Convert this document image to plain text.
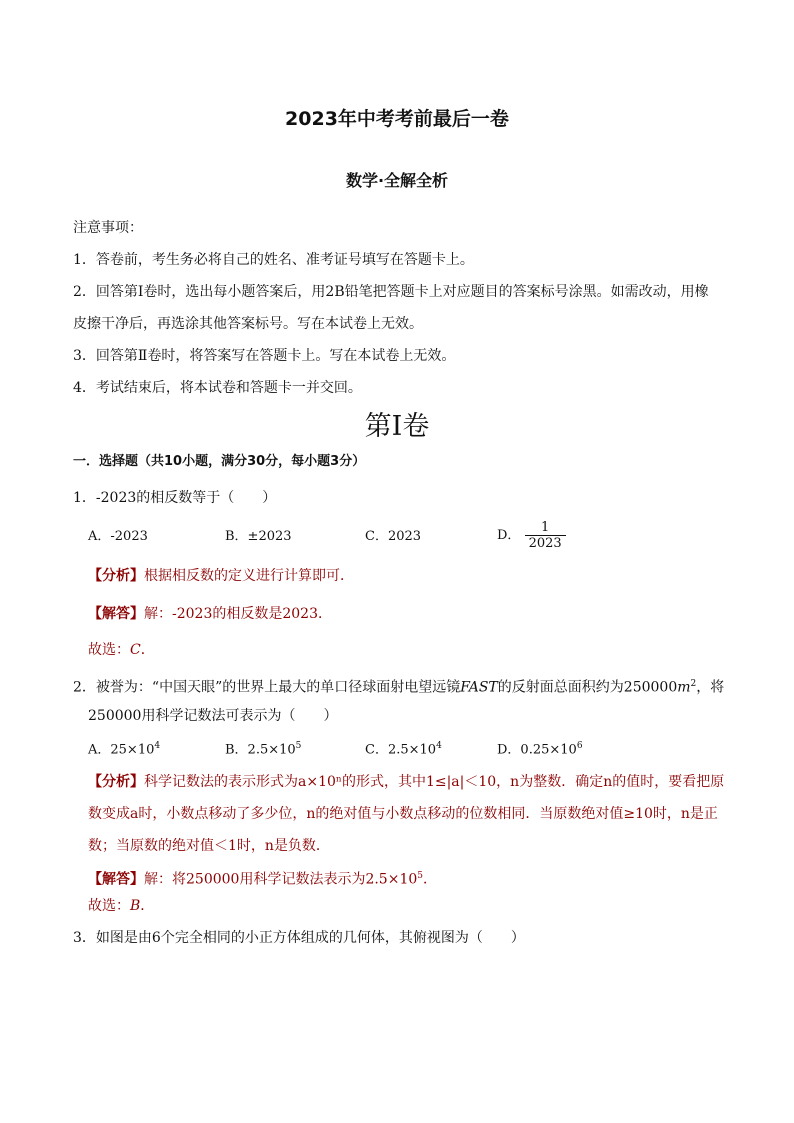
2023年中考考前最后一卷
数学·全解全析
注意事项：
1．答卷前，考生务必将自己的姓名、准考证号填写在答题卡上。
2．回答第Ⅰ卷时，选出每小题答案后，用2B铅笔把答题卡上对应题目的答案标号涂黑。如需改动，用橡
皮擦干净后，再选涂其他答案标号。写在本试卷上无效。
3．回答第Ⅱ卷时，将答案写在答题卡上。写在本试卷上无效。
4．考试结束后，将本试卷和答题卡一并交回。
第Ⅰ卷
一．选择题（共10小题，满分30分，每小题3分）
1．-2023的相反数等于（　　）
A．-2023	B．±2023	C．2023	D． $\frac{1}{2023}$
【分析】根据相反数的定义进行计算即可．
【解答】解：-2023的相反数是2023．
故选：C．
2．被誉为：“中国天眼”的世界上最大的单口径球面射电望远镜FAST的反射面总面积约为$250000m^2$，将
250000用科学记数法可表示为（　　）
A．$25\times 10^4$	B．$2.5\times 10^5$	C．$2.5\times 10^4$	D．$0.25\times 10^6$
【分析】科学记数法的表示形式为a×10ⁿ的形式，其中1≤|a|＜10，n为整数．确定n的值时，要看把原
数变成a时，小数点移动了多少位，n的绝对值与小数点移动的位数相同．当原数绝对值≥10时，n是正
数；当原数的绝对值＜1时，n是负数．
【解答】解：将250000用科学记数法表示为$2.5\times 10^5$．
故选：B．
3．如图是由6个完全相同的小正方体组成的几何体，其俯视图为（　　）
